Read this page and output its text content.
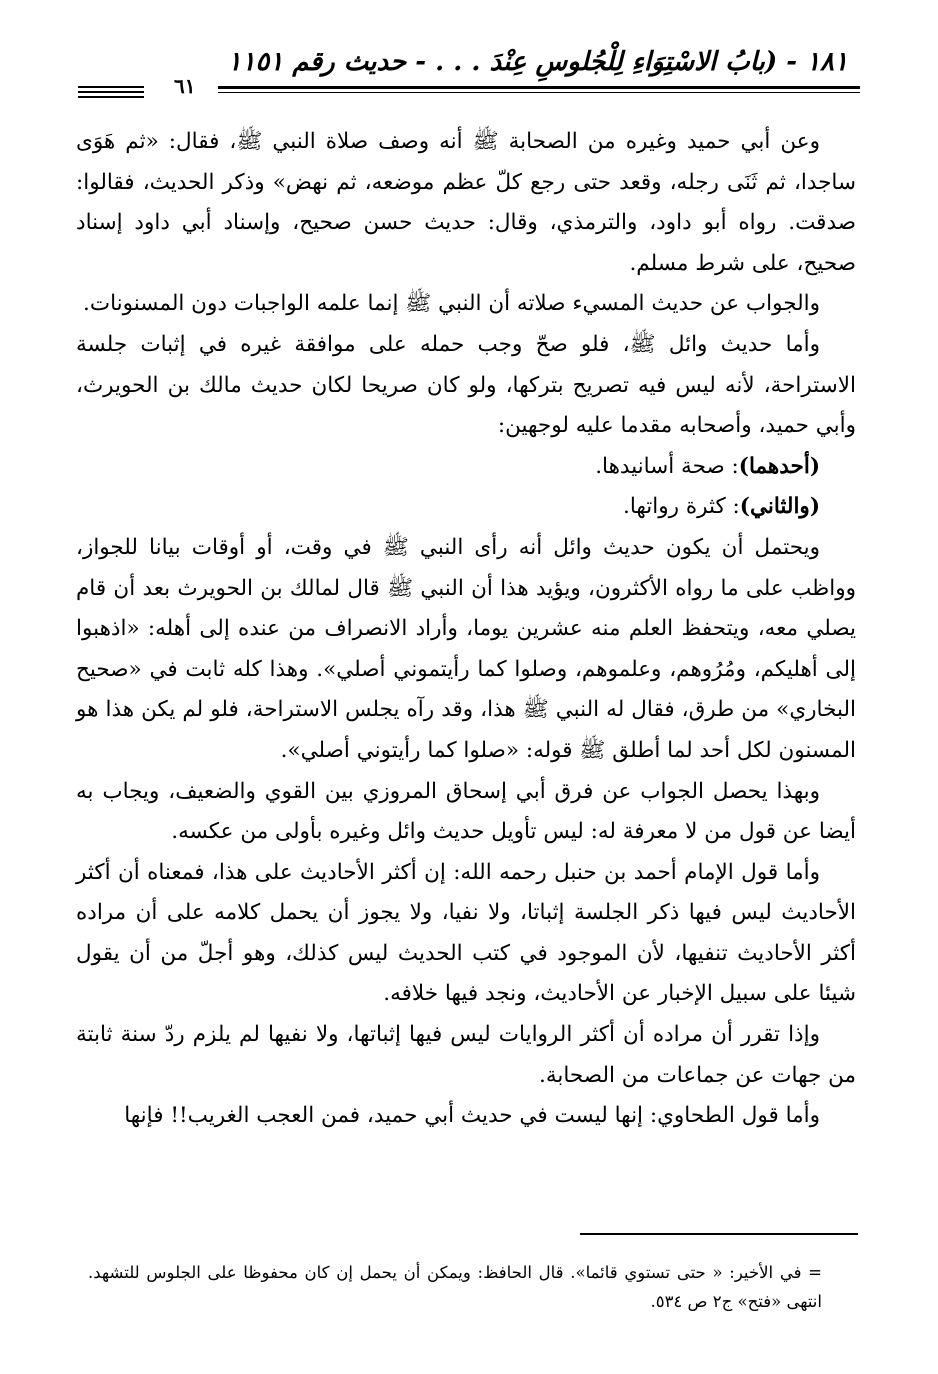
١٨١ - (بابُ الاسْتِوَاءِ لِلْجُلوسِ عِنْدَ . . . - حديث رقم ١١٥١
٦١

وعن أبي حميد وغيره من الصحابة ﷺ أنه وصف صلاة النبي ﷺ، فقال: «ثم هَوَى ساجدا، ثم ثَنَى رجله، وقعد حتى رجع كلّ عظم موضعه، ثم نهض» وذكر الحديث، فقالوا: صدقت. رواه أبو داود، والترمذي، وقال: حديث حسن صحيح، وإسناد أبي داود إسناد صحيح، على شرط مسلم.

والجواب عن حديث المسيء صلاته أن النبي ﷺ إنما علمه الواجبات دون المسنونات.

وأما حديث وائل ﷺ، فلو صحّ وجب حمله على موافقة غيره في إثبات جلسة الاستراحة، لأنه ليس فيه تصريح بتركها، ولو كان صريحا لكان حديث مالك بن الحويرث، وأبي حميد، وأصحابه مقدما عليه لوجهين:

(أحدهما): صحة أسانيدها.

(والثاني): كثرة رواتها.

ويحتمل أن يكون حديث وائل أنه رأى النبي ﷺ في وقت، أو أوقات بيانا للجواز، وواظب على ما رواه الأكثرون، ويؤيد هذا أن النبي ﷺ قال لمالك بن الحويرث بعد أن قام يصلي معه، ويتحفظ العلم منه عشرين يوما، وأراد الانصراف من عنده إلى أهله: «اذهبوا إلى أهليكم، ومُرُوهم، وعلموهم، وصلوا كما رأيتموني أصلي». وهذا كله ثابت في «صحيح البخاري» من طرق، فقال له النبي ﷺ هذا، وقد رآه يجلس الاستراحة، فلو لم يكن هذا هو المسنون لكل أحد لما أطلق ﷺ قوله: «صلوا كما رأيتوني أصلي».

وبهذا يحصل الجواب عن فرق أبي إسحاق المروزي بين القوي والضعيف، ويجاب به أيضا عن قول من لا معرفة له: ليس تأويل حديث وائل وغيره بأولى من عكسه.

وأما قول الإمام أحمد بن حنبل رحمه الله: إن أكثر الأحاديث على هذا، فمعناه أن أكثر الأحاديث ليس فيها ذكر الجلسة إثباتا، ولا نفيا، ولا يجوز أن يحمل كلامه على أن مراده أكثر الأحاديث تنفيها، لأن الموجود في كتب الحديث ليس كذلك، وهو أجلّ من أن يقول شيئا على سبيل الإخبار عن الأحاديث، ونجد فيها خلافه.

وإذا تقرر أن مراده أن أكثر الروايات ليس فيها إثباتها، ولا نفيها لم يلزم ردّ سنة ثابتة من جهات عن جماعات من الصحابة.

وأما قول الطحاوي: إنها ليست في حديث أبي حميد، فمن العجب الغريب!! فإنها

= في الأخير: « حتى تستوي قائما». قال الحافظ: ويمكن أن يحمل إن كان محفوظا على الجلوس للتشهد. انتهى «فتح» ج٢ ص ٥٣٤.
